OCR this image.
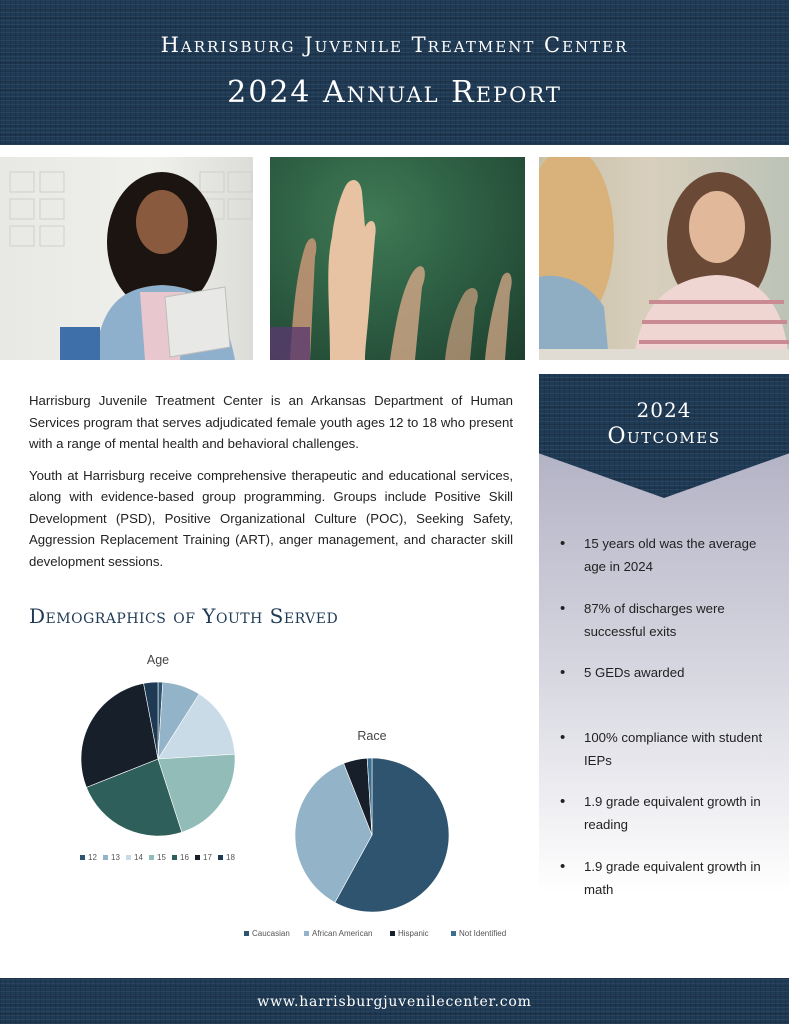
Harrisburg Juvenile Treatment Center
2024 Annual Report

Harrisburg Juvenile Treatment Center is an Arkansas Department of Human Services program that serves adjudicated female youth ages 12 to 18 who present with a range of mental health and behavioral challenges.

Youth at Harrisburg receive comprehensive therapeutic and educational services, along with evidence-based group programming. Groups include Positive Skill Development (PSD), Positive Organizational Culture (POC), Seeking Safety, Aggression Replacement Training (ART), anger management, and character skill development sessions.

Demographics of Youth Served
2024
Outcomes
• 15 years old was the average age in 2024
• 87% of discharges were successful exits
• 5 GEDs awarded
• 100% compliance with student IEPs
• 1.9 grade equivalent growth in reading
• 1.9 grade equivalent growth in math
Age
12 13 14 15 16 17 18
Race
Caucasian	African American	Hispanic	Not Identified
www.harrisburgjuvenilecenter.com
